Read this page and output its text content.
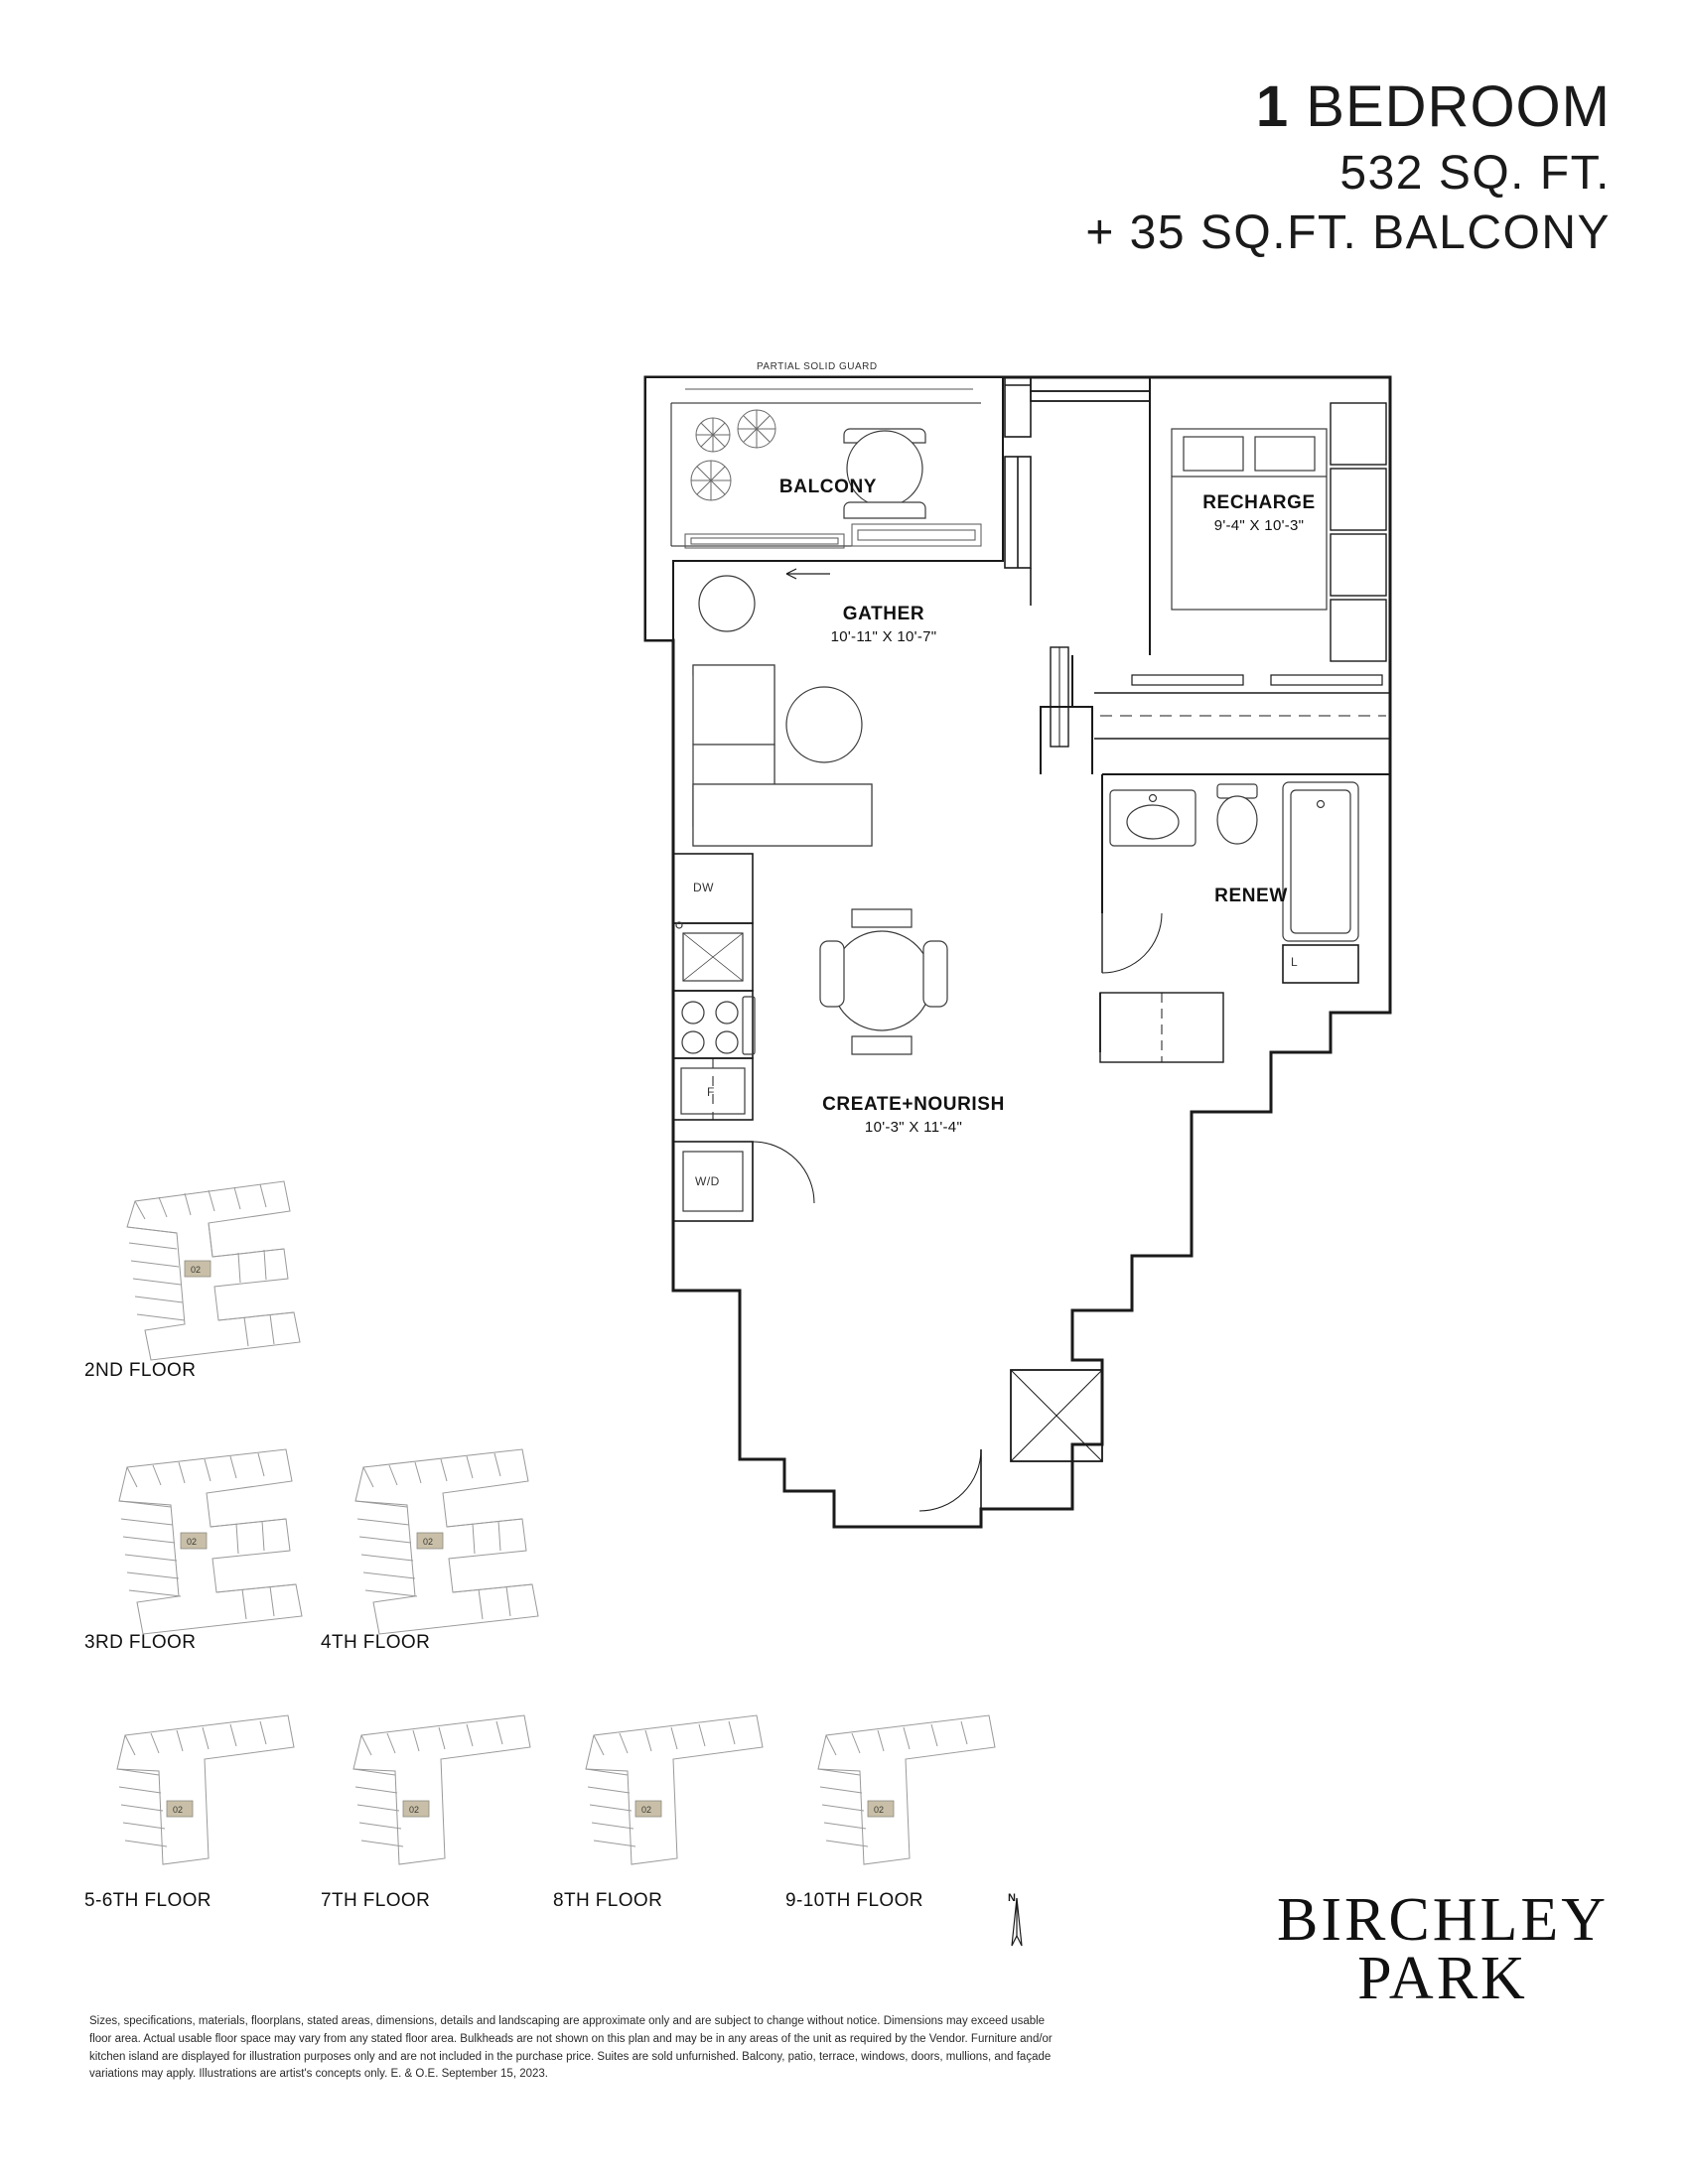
1 BEDROOM
532 SQ. FT.
+ 35 SQ.FT. BALCONY
PARTIAL SOLID GUARD
BALCONY
RECHARGE
9'-4" X 10'-3"
GATHER
10'-11" X 10'-7"
RENEW
CREATE+NOURISH
10'-3" X 11'-4"
DW
F
W/D
L
02
2ND FLOOR
02
3RD FLOOR
02
4TH FLOOR
02
5-6TH FLOOR
02
7TH FLOOR
02
8TH FLOOR
02
9-10TH FLOOR	N	BIRCHLEY
PARK
Sizes, specifications, materials, floorplans, stated areas, dimensions, details and landscaping are approximate only and are subject to change without notice. Dimensions may exceed usable floor area. Actual usable floor space may vary from any stated floor area. Bulkheads are not shown on this plan and may be in any areas of the unit as required by the Vendor. Furniture and/or kitchen island are displayed for illustration purposes only and are not included in the purchase price. Suites are sold unfurnished. Balcony, patio, terrace, windows, doors, mullions, and façade variations may apply. Illustrations are artist's concepts only. E. & O.E. September 15, 2023.
